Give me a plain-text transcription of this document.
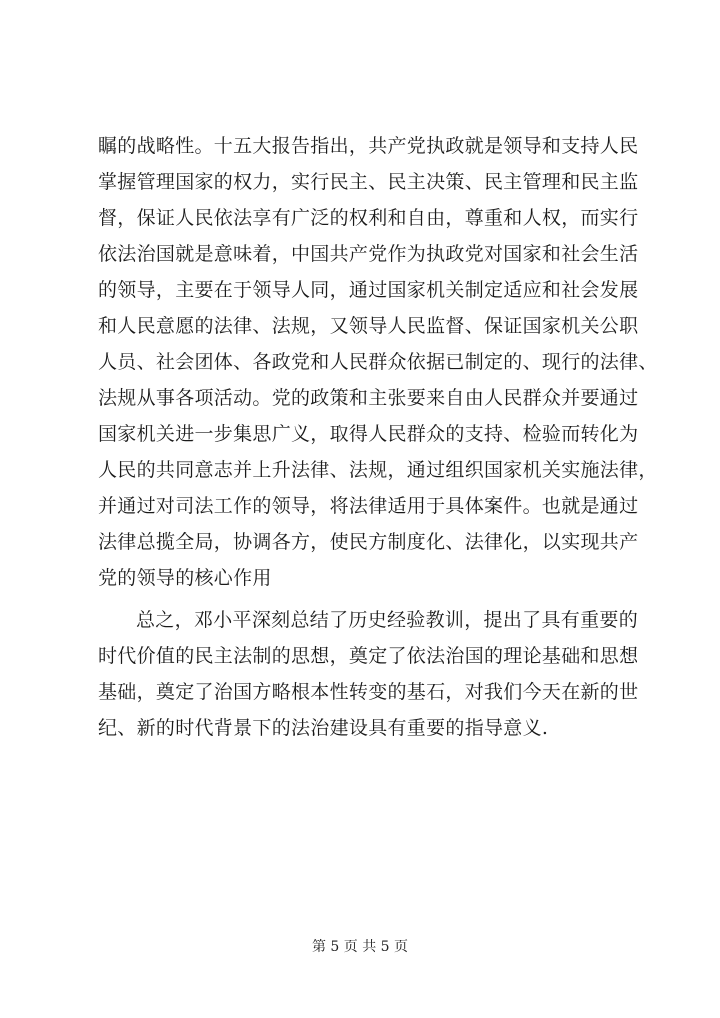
瞩的战略性。十五大报告指出，共产党执政就是领导和支持人民
掌握管理国家的权力，实行民主、民主决策、民主管理和民主监
督，保证人民依法享有广泛的权利和自由，尊重和人权，而实行
依法治国就是意味着，中国共产党作为执政党对国家和社会生活
的领导，主要在于领导人同，通过国家机关制定适应和社会发展
和人民意愿的法律、法规，又领导人民监督、保证国家机关公职
人员、社会团体、各政党和人民群众依据已制定的、现行的法律、
法规从事各项活动。党的政策和主张要来自由人民群众并要通过
国家机关进一步集思广义，取得人民群众的支持、检验而转化为
人民的共同意志并上升法律、法规，通过组织国家机关实施法律，
并通过对司法工作的领导，将法律适用于具体案件。也就是通过
法律总揽全局，协调各方，使民方制度化、法律化，以实现共产
党的领导的核心作用
总之，邓小平深刻总结了历史经验教训，提出了具有重要的
时代价值的民主法制的思想，奠定了依法治国的理论基础和思想
基础，奠定了治国方略根本性转变的基石，对我们今天在新的世
纪、新的时代背景下的法治建设具有重要的指导意义.
第 5 页 共 5 页
